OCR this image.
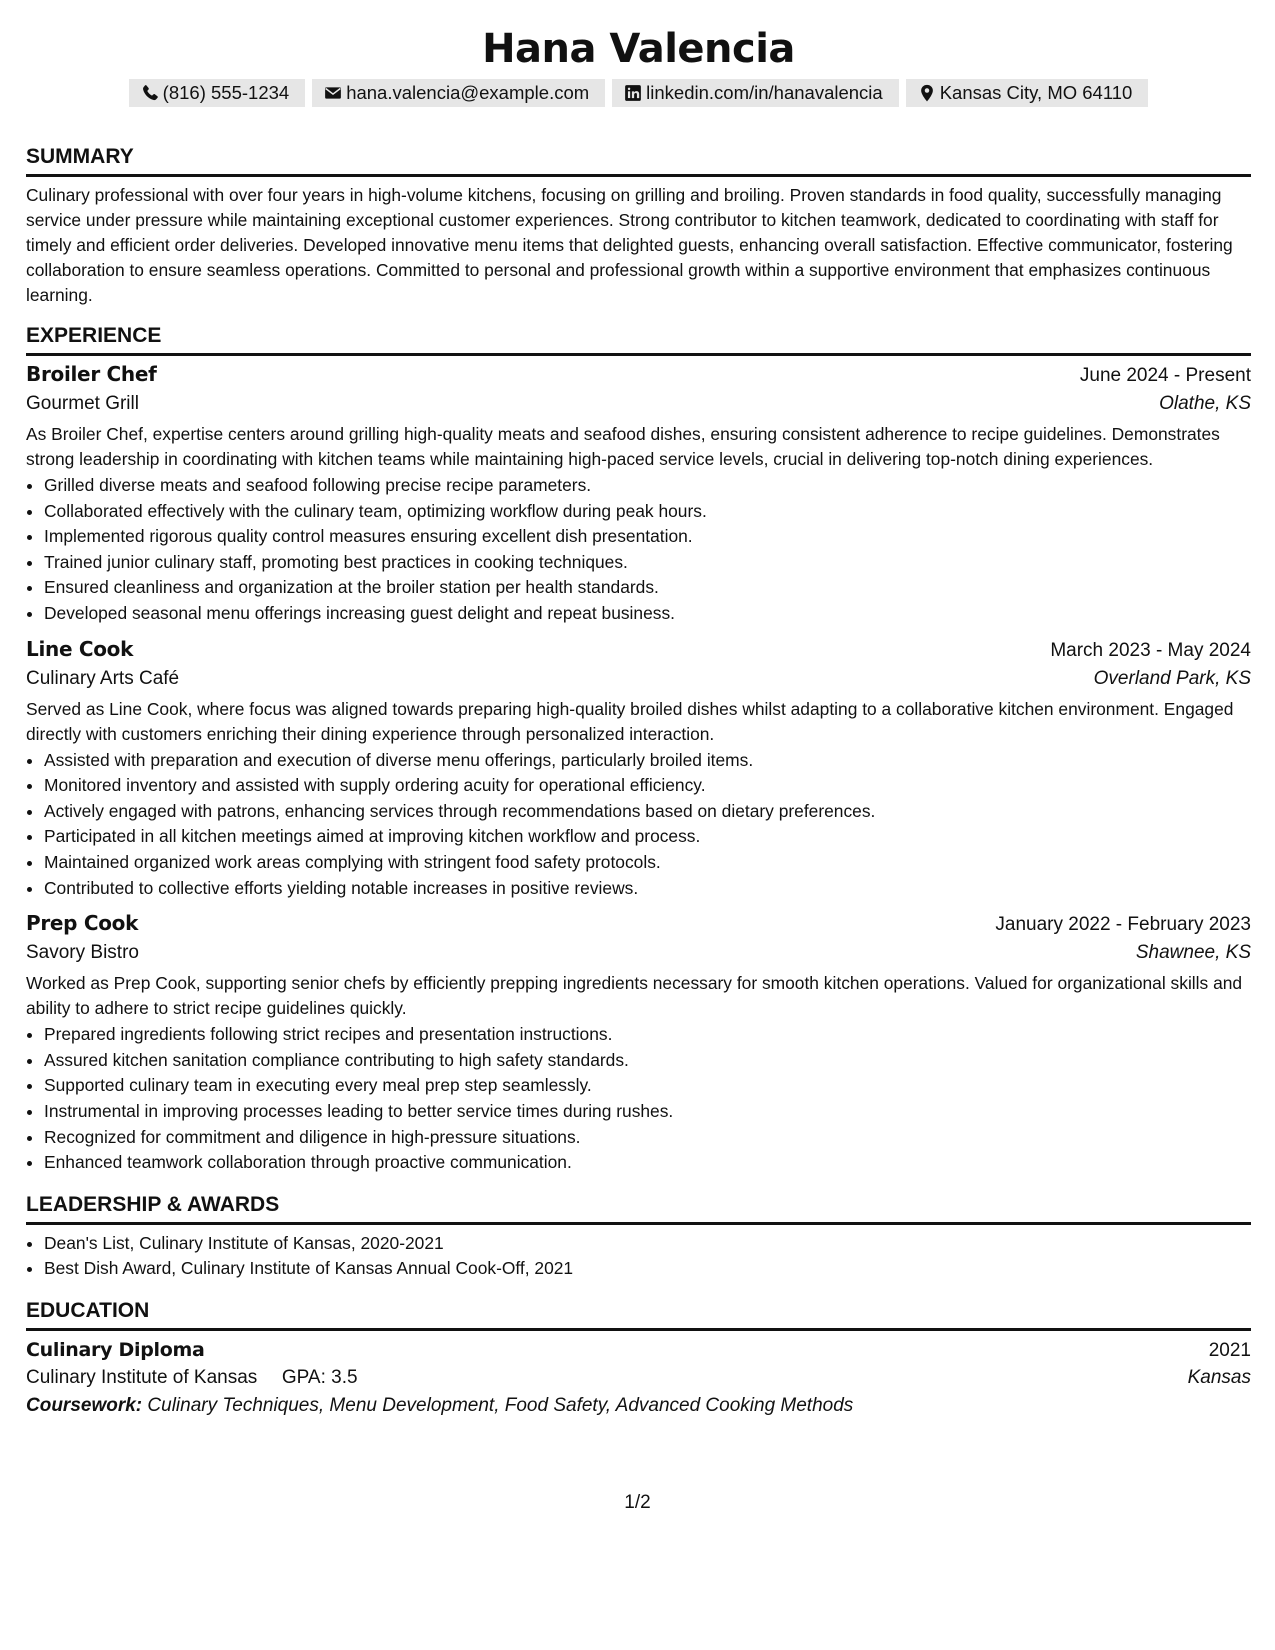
Hana Valencia
(816) 555-1234	hana.valencia@example.com	linkedin.com/in/hanavalencia	Kansas City, MO 64110
SUMMARY

Culinary professional with over four years in high-volume kitchens, focusing on grilling and broiling. Proven standards in food quality, successfully managing service under pressure while maintaining exceptional customer experiences. Strong contributor to kitchen teamwork, dedicated to coordinating with staff for timely and efficient order deliveries. Developed innovative menu items that delighted guests, enhancing overall satisfaction. Effective communicator, fostering collaboration to ensure seamless operations. Committed to personal and professional growth within a supportive environment that emphasizes continuous learning.

EXPERIENCE
Broiler Chef	June 2024 - Present
Gourmet Grill	Olathe, KS

As Broiler Chef, expertise centers around grilling high-quality meats and seafood dishes, ensuring consistent adherence to recipe guidelines. Demonstrates strong leadership in coordinating with kitchen teams while maintaining high-paced service levels, crucial in delivering top-notch dining experiences.

• Grilled diverse meats and seafood following precise recipe parameters.
• Collaborated effectively with the culinary team, optimizing workflow during peak hours.
• Implemented rigorous quality control measures ensuring excellent dish presentation.
• Trained junior culinary staff, promoting best practices in cooking techniques.
• Ensured cleanliness and organization at the broiler station per health standards.
• Developed seasonal menu offerings increasing guest delight and repeat business.
Line Cook	March 2023 - May 2024
Culinary Arts Café	Overland Park, KS

Served as Line Cook, where focus was aligned towards preparing high-quality broiled dishes whilst adapting to a collaborative kitchen environment. Engaged directly with customers enriching their dining experience through personalized interaction.

• Assisted with preparation and execution of diverse menu offerings, particularly broiled items.
• Monitored inventory and assisted with supply ordering acuity for operational efficiency.
• Actively engaged with patrons, enhancing services through recommendations based on dietary preferences.
• Participated in all kitchen meetings aimed at improving kitchen workflow and process.
• Maintained organized work areas complying with stringent food safety protocols.
• Contributed to collective efforts yielding notable increases in positive reviews.
Prep Cook	January 2022 - February 2023
Savory Bistro	Shawnee, KS

Worked as Prep Cook, supporting senior chefs by efficiently prepping ingredients necessary for smooth kitchen operations. Valued for organizational skills and ability to adhere to strict recipe guidelines quickly.

• Prepared ingredients following strict recipes and presentation instructions.
• Assured kitchen sanitation compliance contributing to high safety standards.
• Supported culinary team in executing every meal prep step seamlessly.
• Instrumental in improving processes leading to better service times during rushes.
• Recognized for commitment and diligence in high-pressure situations.
• Enhanced teamwork collaboration through proactive communication.
LEADERSHIP & AWARDS
• Dean's List, Culinary Institute of Kansas, 2020-2021
• Best Dish Award, Culinary Institute of Kansas Annual Cook-Off, 2021
EDUCATION
Culinary Diploma	2021
Culinary Institute of Kansas GPA: 3.5	Kansas
Coursework: Culinary Techniques, Menu Development, Food Safety, Advanced Cooking Methods
1/2
